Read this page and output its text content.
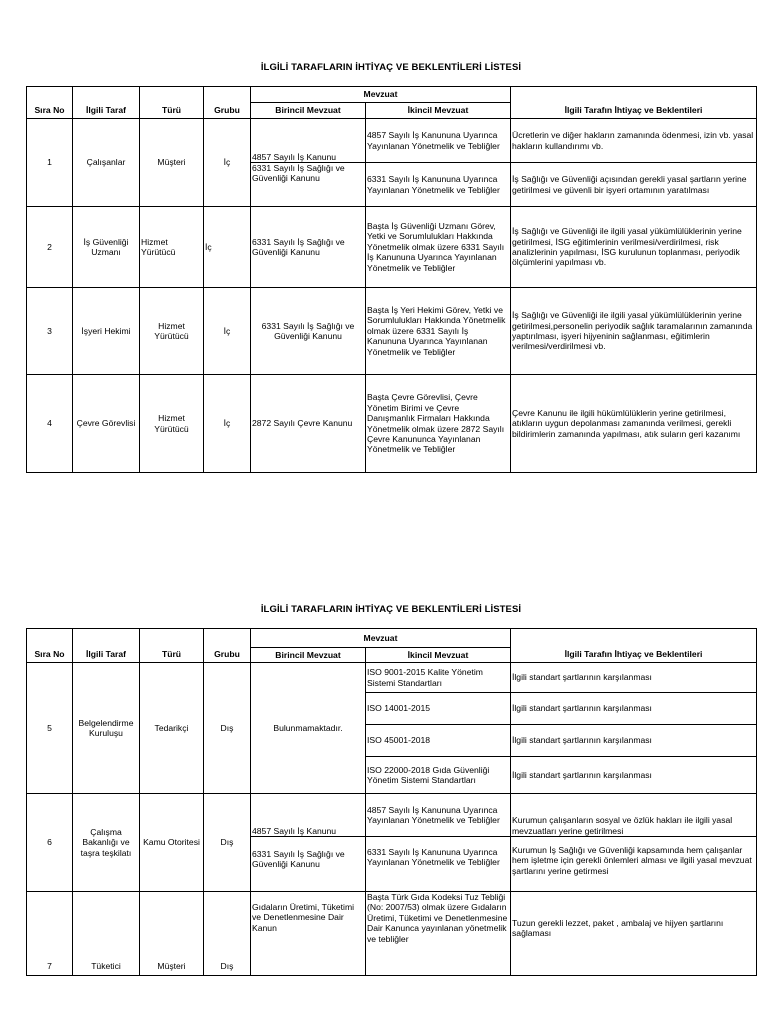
İLGİLİ TARAFLARIN İHTİYAÇ VE BEKLENTİLERİ LİSTESİ

Sıra No	İlgili Taraf	Türü	Grubu	Mevzuat		İlgili Tarafın İhtiyaç ve Beklentileri
				Birincil Mevzuat	İkincil Mevzuat	
1	Çalışanlar	Müşteri	İç	4857 Sayılı İş Kanunu	4857 Sayılı İş Kanununa Uyarınca Yayınlanan Yönetmelik ve Tebliğler	Ücretlerin ve diğer hakların zamanında ödenmesi, izin vb. yasal hakların kullandırımı vb.
				6331 Sayılı İş Sağlığı ve Güvenliği Kanunu	6331 Sayılı İş Kanununa Uyarınca Yayınlanan Yönetmelik ve Tebliğler	İş Sağlığı ve Güvenliği açısından gerekli yasal şartların yerine getirilmesi ve güvenli bir işyeri ortamının yaratılması
2	İş Güvenliği Uzmanı	Hizmet Yürütücü	İç	6331 Sayılı İş Sağlığı ve Güvenliği Kanunu	Başta İş Güvenliği Uzmanı Görev, Yetki ve Sorumlulukları Hakkında Yönetmelik olmak üzere 6331 Sayılı İş Kanununa Uyarınca Yayınlanan Yönetmelik ve Tebliğler	İş Sağlığı ve Güvenliği ile ilgili yasal yükümlülüklerinin yerine getirilmesi, İSG eğitimlerinin verilmesi/verdirilmesi, risk analizlerinin yapılması, İSG kurulunun toplanması, periyodik ölçümlerini yapılması vb.
3	İşyeri Hekimi	Hizmet Yürütücü	İç	6331 Sayılı İş Sağlığı ve Güvenliği Kanunu	Başta İş Yeri Hekimi Görev, Yetki ve Sorumlulukları Hakkında Yönetmelik olmak üzere 6331 Sayılı İş Kanununa Uyarınca Yayınlanan Yönetmelik ve Tebliğler	İş Sağlığı ve Güvenliği ile ilgili yasal yükümlülüklerinin yerine getirilmesi,personelin periyodik sağlık taramalarının zamanında yaptırılması, işyeri hijyeninin sağlanması, eğitimlerin verilmesi/verdirilmesi vb.
4	Çevre Görevlisi	Hizmet Yürütücü	İç	2872 Sayılı Çevre Kanunu	Başta Çevre Görevlisi, Çevre Yönetim Birimi ve Çevre Danışmanlık Firmaları Hakkında Yönetmelik olmak üzere 2872 Sayılı Çevre Kanununca Yayınlanan Yönetmelik ve Tebliğler	Çevre Kanunu ile ilgili hükümlülüklerin yerine getirilmesi, atıkların uygun depolanması zamanında verilmesi, gerekli bildirimlerin zamanında yapılması, atık suların geri kazanımı

İLGİLİ TARAFLARIN İHTİYAÇ VE BEKLENTİLERİ LİSTESİ

Sıra No	İlgili Taraf	Türü	Grubu	Mevzuat		İlgili Tarafın İhtiyaç ve Beklentileri
				Birincil Mevzuat	İkincil Mevzuat	
5	Belgelendirme Kuruluşu	Tedarikçi	Dış	Bulunmamaktadır.	ISO 9001-2015 Kalite Yönetim Sistemi Standartları	İlgili standart şartlarının karşılanması
					ISO 14001-2015	İlgili standart şartlarının karşılanması
					ISO 45001-2018	İlgili standart şartlarının karşılanması
					ISO 22000-2018 Gıda Güvenliği Yönetim Sistemi Standartları	İlgili standart şartlarının karşılanması
6	Çalışma Bakanlığı ve taşra teşkilatı	Kamu Otoritesi	Dış	4857 Sayılı İş Kanunu	4857 Sayılı İş Kanununa Uyarınca Yayınlanan Yönetmelik ve Tebliğler	Kurumun çalışanların sosyal ve özlük hakları ile ilgili yasal mevzuatları yerine getirilmesi
				6331 Sayılı İş Sağlığı ve Güvenliği Kanunu	6331 Sayılı İş Kanununa Uyarınca Yayınlanan Yönetmelik ve Tebliğler	Kurumun İş Sağlığı ve Güvenliği kapsamında hem çalışanlar hem işletme için gerekli önlemleri alması ve ilgili yasal mevzuat şartlarını yerine getirmesi
7	Tüketici	Müşteri	Dış	Gıdaların Üretimi, Tüketimi ve Denetlenmesine Dair Kanun	Başta Türk Gıda Kodeksi Tuz Tebliği (No: 2007/53) olmak üzere Gıdaların Üretimi, Tüketimi ve Denetlenmesine Dair Kanunca yayınlanan yönetmelik ve tebliğler	Tuzun gerekli lezzet, paket , ambalaj ve hijyen şartlarını sağlaması
